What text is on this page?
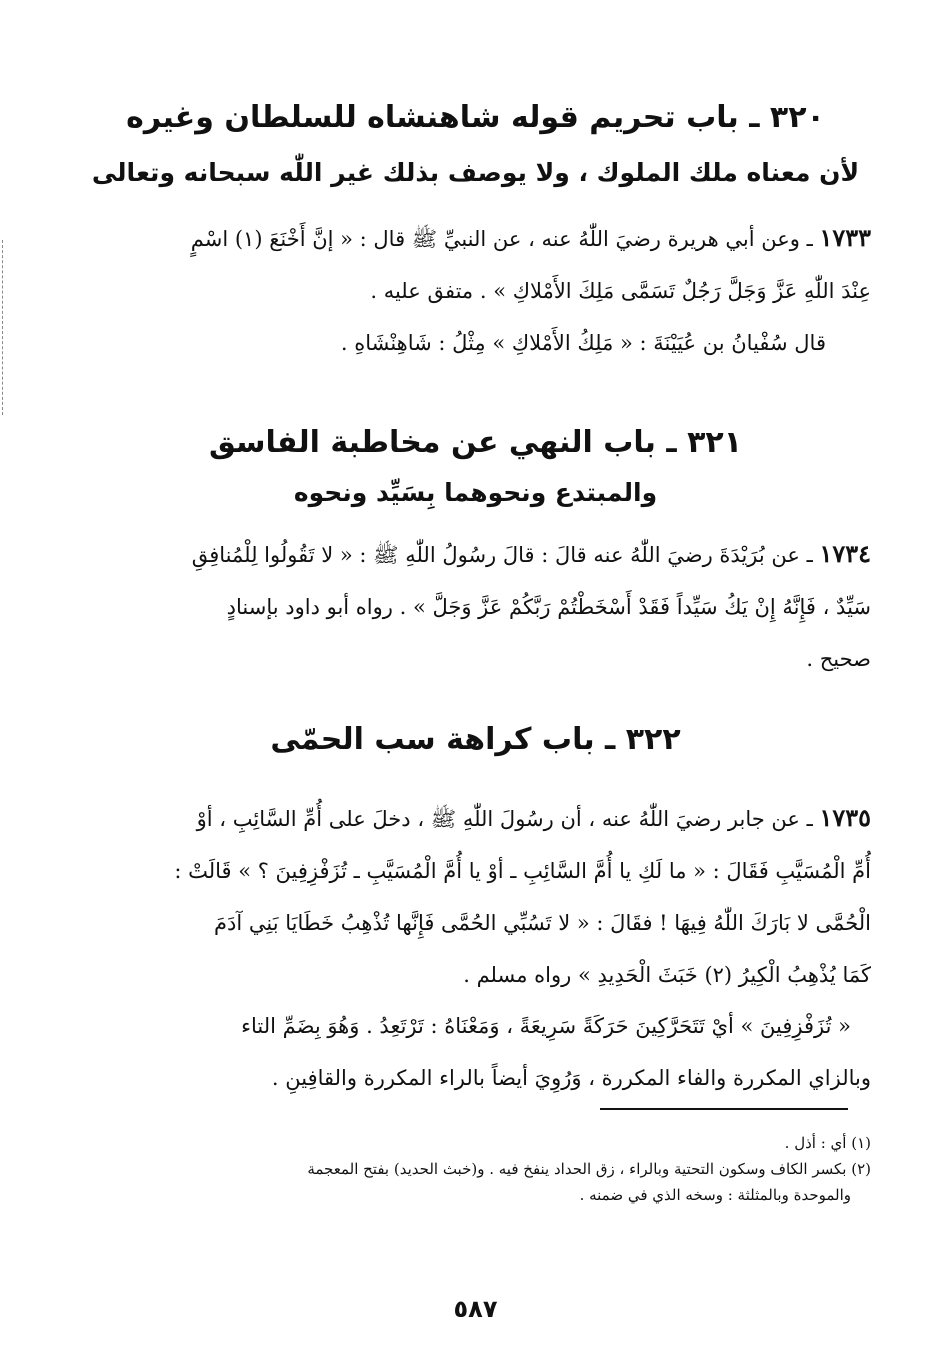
٣٢٠ ـ باب تحريم قوله شاهنشاه للسلطان وغيره
لأن معناه ملك الملوك ، ولا يوصف بذلك غير اللّٰه سبحانه وتعالى
١٧٣٣ ـ وعن أبي هريرة رضيَ اللّٰهُ عنه ، عن النبيِّ ﷺ قال : « إنَّ أَخْنَعَ (١) اسْمٍ
عِنْدَ اللّٰهِ عَزَّ وَجَلَّ رَجُلٌ تَسَمَّى مَلِكَ الأَمْلاكِ » . متفق عليه .
قال سُفْيانُ بن عُيَيْنَةَ : « مَلِكُ الأَمْلاكِ » مِثْلُ : شَاهِنْشَاهِ .
٣٢١ ـ باب النهي عن مخاطبة الفاسق
والمبتدع ونحوهما بِسَيِّد ونحوه
١٧٣٤ ـ عن بُرَيْدَةَ رضيَ اللّٰهُ عنه قالَ : قالَ رسُولُ اللّٰهِ ﷺ : « لا تَقُولُوا لِلْمُنافِقِ
سَيِّدٌ ، فَإِنَّهُ إِنْ يَكُ سَيِّداً فَقَدْ أَسْخَطْتُمْ رَبَّكُمْ عَزَّ وَجَلَّ » . رواه أبو داود بإسنادٍ
صحيح .
٣٢٢ ـ باب كراهة سب الحمّى
١٧٣٥ ـ عن جابر رضيَ اللّٰهُ عنه ، أن رسُولَ اللّٰهِ ﷺ ، دخلَ على أُمِّ السَّائِبِ ، أوْ
أُمِّ الْمُسَيَّبِ فَقَالَ : « ما لَكِ يا أُمَّ السَّائِبِ ـ أوْ يا أُمَّ الْمُسَيَّبِ ـ تُزَفْزِفِينَ ؟ » قَالَتْ :
الْحُمَّى لا بَارَكَ اللّٰهُ فِيهَا ! فقَالَ : « لا تَسُبِّي الحُمَّى فَإِنَّها تُذْهِبُ خَطَايَا بَنِي آدَمَ
كَمَا يُذْهِبُ الْكِيرُ (٢) خَبَثَ الْحَدِيدِ » رواه مسلم .
« تُزَفْزِفِينَ » أيْ تَتَحَرَّكِينَ حَرَكَةً سَرِيعَةً ، وَمَعْنَاهُ : تَرْتَعِدُ . وَهُوَ بِضَمِّ التاء
وبالزاي المكررة والفاء المكررة ، وَرُوِيَ أيضاً بالراء المكررة والقافِينِ .
(١) أي : أذل .
(٢) بكسر الكاف وسكون التحتية وبالراء ، زق الحداد ينفخ فيه . و(خبث الحديد) بفتح المعجمة
والموحدة وبالمثلثة : وسخه الذي في ضمنه .
٥٨٧
